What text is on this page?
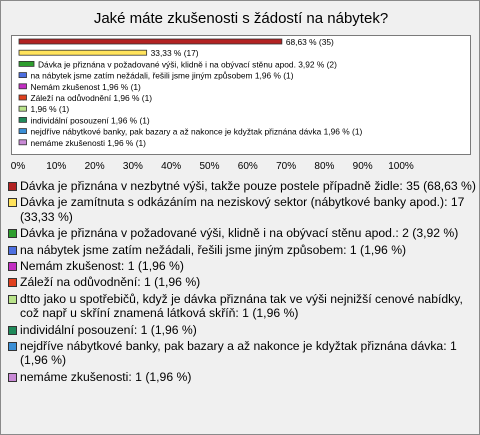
Jaké máte zkušenosti s žádostí na nábytek?
68,63 % (35)
33,33 % (17)
Dávka je přiznána v požadované výši, klidně i na obývací stěnu apod. 3,92 % (2)
na nábytek jsme zatím nežádali, řešili jsme jiným způsobem 1,96 % (1)
Nemám zkušenost 1,96 % (1)
Záleží na odůvodnění 1,96 % (1)
1,96 % (1)
individální posouzení 1,96 % (1)
nejdříve nábytkové banky, pak bazary a až nakonce je kdyžtak přiznána dávka 1,96 % (1)
nemáme zkušenosti 1,96 % (1)
0% 10% 20% 30% 40% 50% 60% 70% 80% 90% 100%
Dávka je přiznána v nezbytné výši, takže pouze postele případně židle: 35 (68,63 %)
Dávka je zamítnuta s odkázáním na neziskový sektor (nábytkové banky apod.): 17 (33,33 %)
Dávka je přiznána v požadované výši, klidně i na obývací stěnu apod.: 2 (3,92 %)
na nábytek jsme zatím nežádali, řešili jsme jiným způsobem: 1 (1,96 %)
Nemám zkušenost: 1 (1,96 %)
Záleží na odůvodnění: 1 (1,96 %)
dtto jako u spotřebičů, když je dávka přiznána tak ve výši nejnižší cenové nabídky, což např u skříní znamená látková skříň: 1 (1,96 %)
individální posouzení: 1 (1,96 %)
nejdříve nábytkové banky, pak bazary a až nakonce je kdyžtak přiznána dávka: 1 (1,96 %)
nemáme zkušenosti: 1 (1,96 %)
